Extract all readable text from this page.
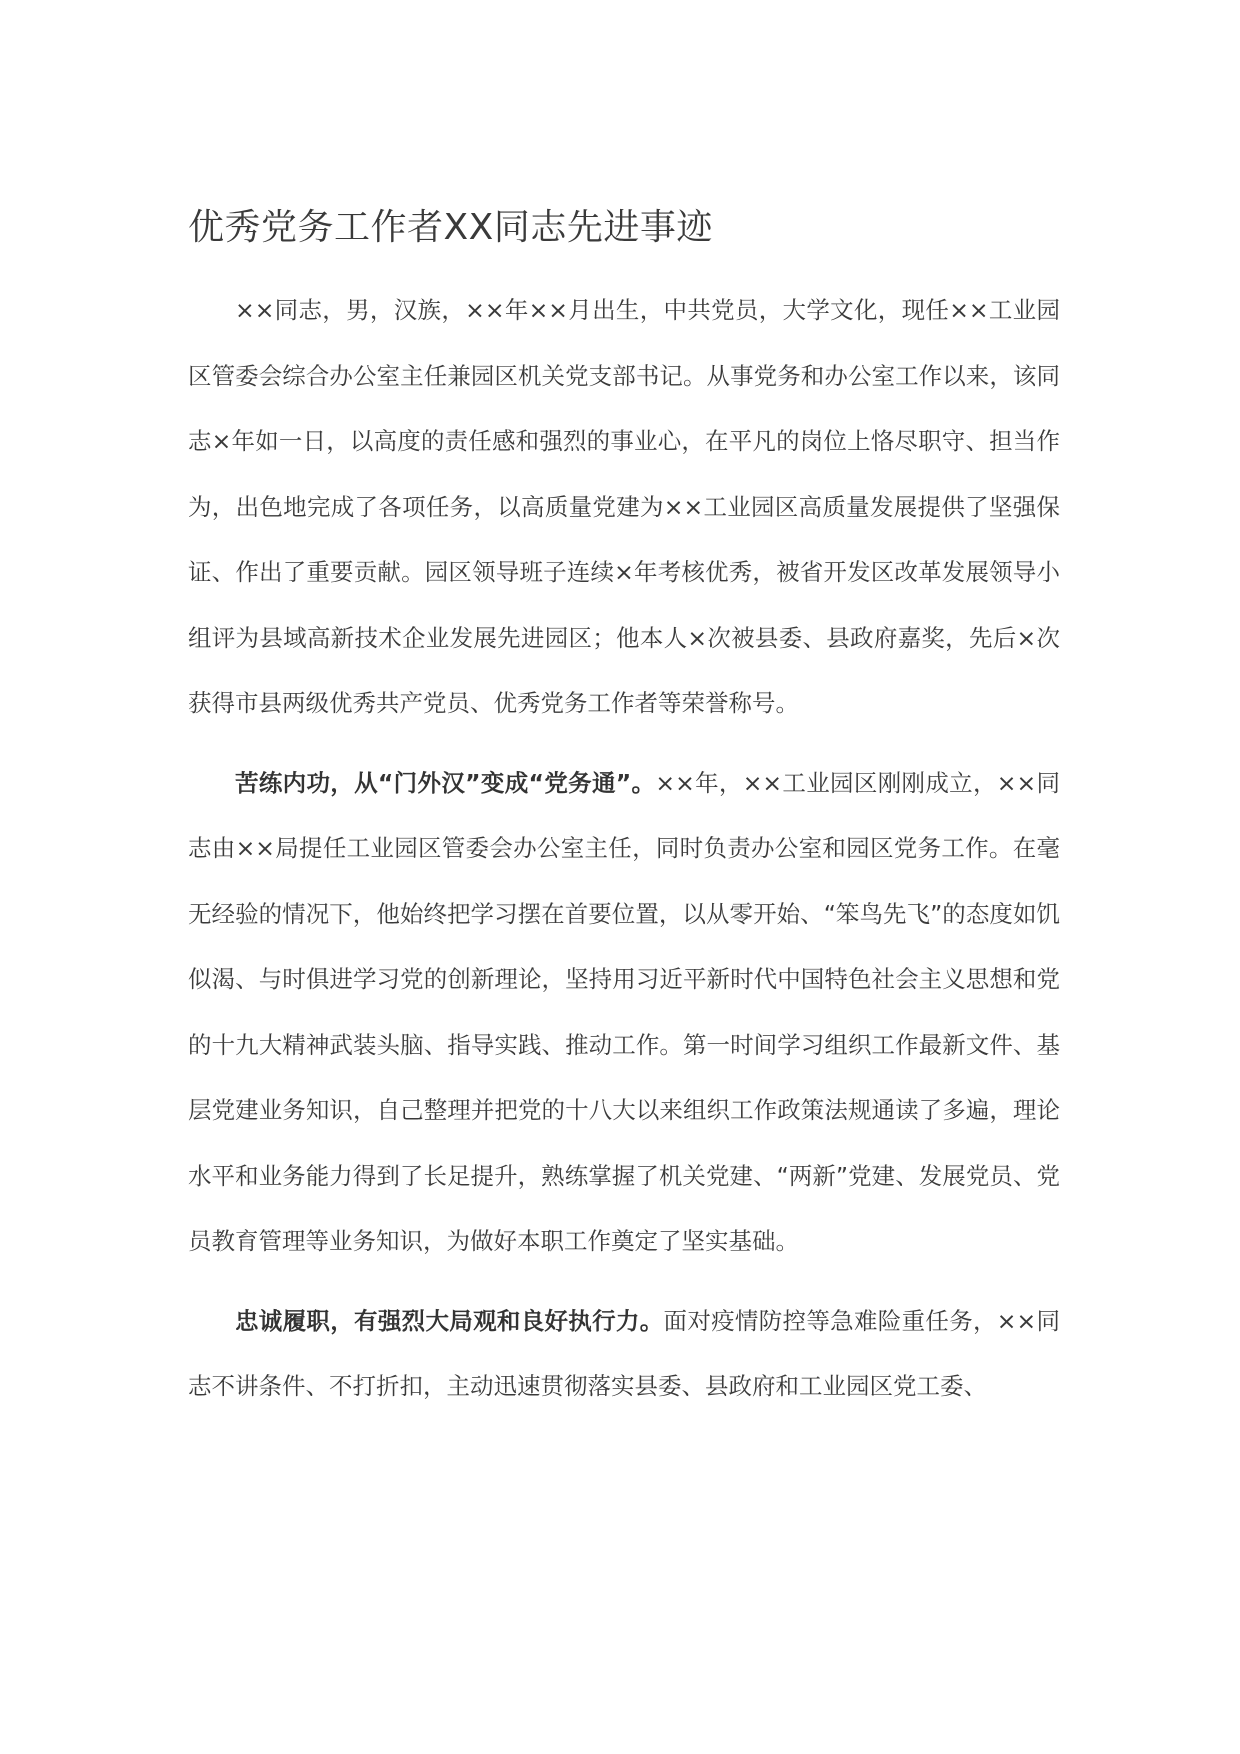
优秀党务工作者XX同志先进事迹

××同志，男，汉族，××年××月出生，中共党员，大学文化，现任××工业园区管委会综合办公室主任兼园区机关党支部书记。从事党务和办公室工作以来，该同志×年如一日，以高度的责任感和强烈的事业心，在平凡的岗位上恪尽职守、担当作为，出色地完成了各项任务，以高质量党建为××工业园区高质量发展提供了坚强保证、作出了重要贡献。园区领导班子连续×年考核优秀，被省开发区改革发展领导小组评为县域高新技术企业发展先进园区；他本人×次被县委、县政府嘉奖，先后×次获得市县两级优秀共产党员、优秀党务工作者等荣誉称号。

苦练内功，从“门外汉”变成“党务通”。××年，××工业园区刚刚成立，××同志由××局提任工业园区管委会办公室主任，同时负责办公室和园区党务工作。在毫无经验的情况下，他始终把学习摆在首要位置，以从零开始、“笨鸟先飞”的态度如饥似渴、与时俱进学习党的创新理论，坚持用习近平新时代中国特色社会主义思想和党的十九大精神武装头脑、指导实践、推动工作。第一时间学习组织工作最新文件、基层党建业务知识，自己整理并把党的十八大以来组织工作政策法规通读了多遍，理论水平和业务能力得到了长足提升，熟练掌握了机关党建、“两新”党建、发展党员、党员教育管理等业务知识，为做好本职工作奠定了坚实基础。

忠诚履职，有强烈大局观和良好执行力。面对疫情防控等急难险重任务，××同志不讲条件、不打折扣，主动迅速贯彻落实县委、县政府和工业园区党工委、
